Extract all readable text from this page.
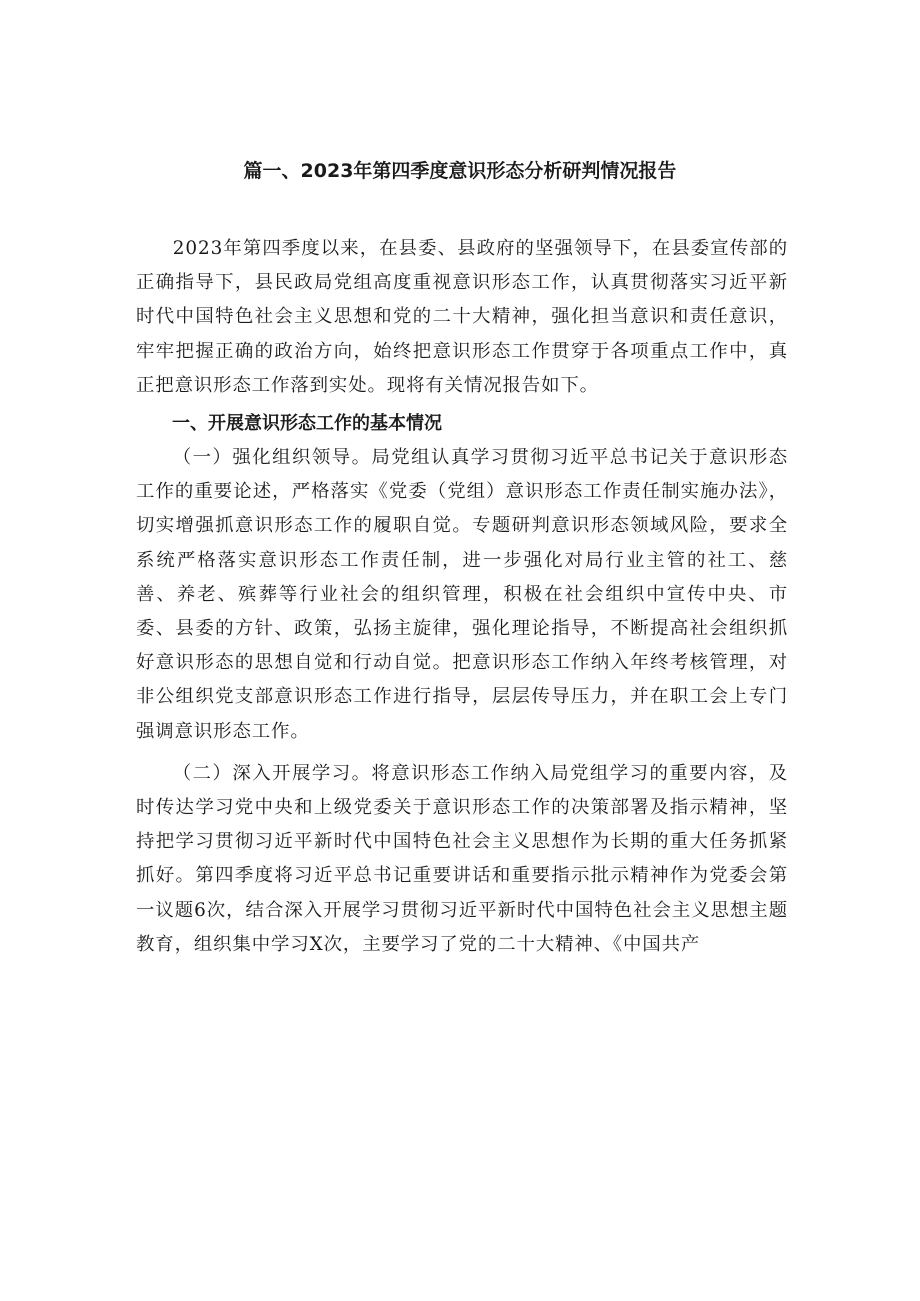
篇一、2023年第四季度意识形态分析研判情况报告

2023年第四季度以来，在县委、县政府的坚强领导下，在县委宣传部的正确指导下，县民政局党组高度重视意识形态工作，认真贯彻落实习近平新时代中国特色社会主义思想和党的二十大精神，强化担当意识和责任意识，牢牢把握正确的政治方向，始终把意识形态工作贯穿于各项重点工作中，真正把意识形态工作落到实处。现将有关情况报告如下。

一、开展意识形态工作的基本情况

（一）强化组织领导。局党组认真学习贯彻习近平总书记关于意识形态工作的重要论述，严格落实《党委（党组）意识形态工作责任制实施办法》，切实增强抓意识形态工作的履职自觉。专题研判意识形态领域风险，要求全系统严格落实意识形态工作责任制，进一步强化对局行业主管的社工、慈善、养老、殡葬等行业社会的组织管理，积极在社会组织中宣传中央、市委、县委的方针、政策，弘扬主旋律，强化理论指导，不断提高社会组织抓好意识形态的思想自觉和行动自觉。把意识形态工作纳入年终考核管理，对非公组织党支部意识形态工作进行指导，层层传导压力，并在职工会上专门强调意识形态工作。

（二）深入开展学习。将意识形态工作纳入局党组学习的重要内容，及时传达学习党中央和上级党委关于意识形态工作的决策部署及指示精神，坚持把学习贯彻习近平新时代中国特色社会主义思想作为长期的重大任务抓紧抓好。第四季度将习近平总书记重要讲话和重要指示批示精神作为党委会第一议题6次，结合深入开展学习贯彻习近平新时代中国特色社会主义思想主题教育，组织集中学习X次，主要学习了党的二十大精神、《中国共产
